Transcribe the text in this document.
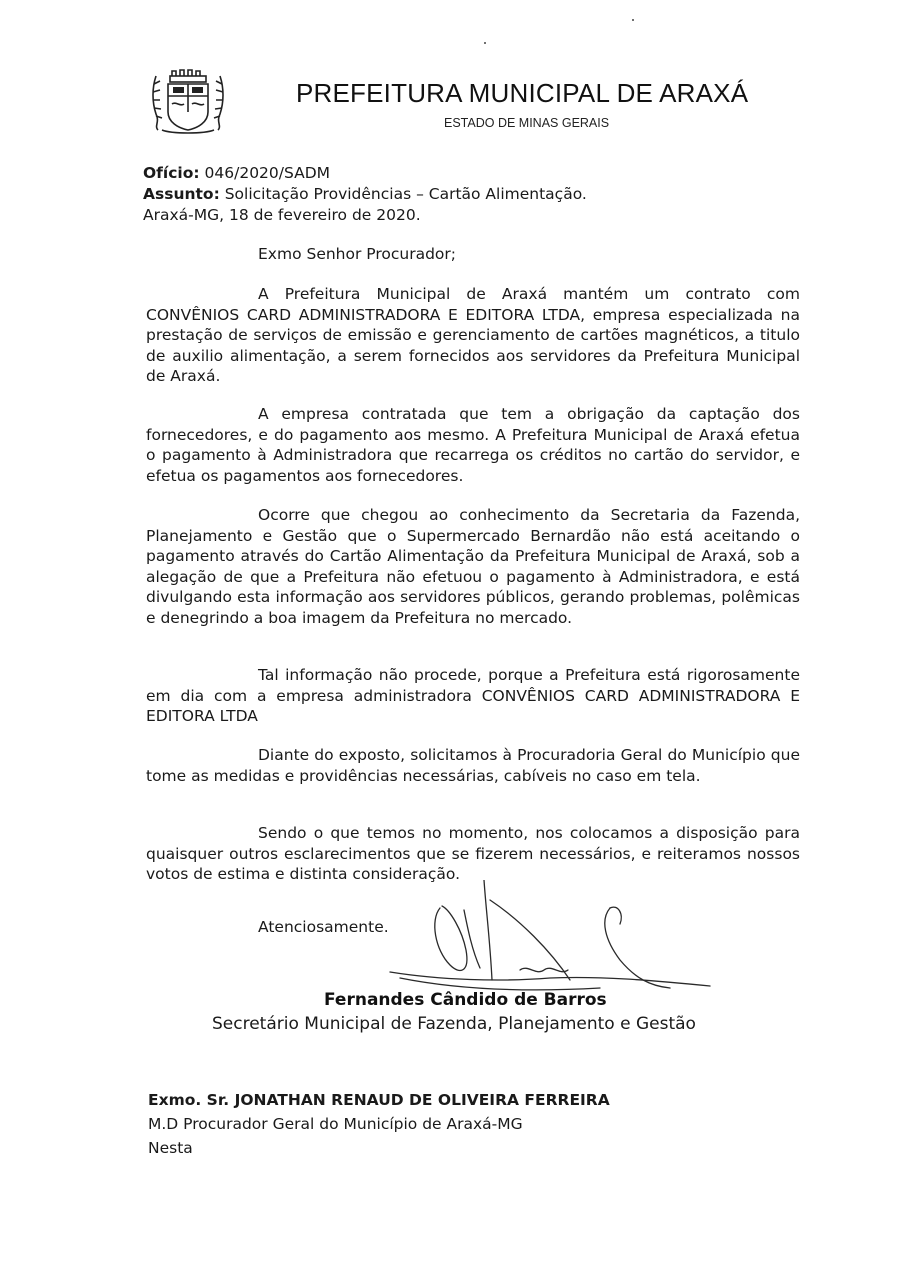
PREFEITURA MUNICIPAL DE ARAXÁ
ESTADO DE MINAS GERAIS
Ofício: 046/2020/SADM
Assunto: Solicitação Providências – Cartão Alimentação.
Araxá-MG, 18 de fevereiro de 2020.
Exmo Senhor Procurador;

A Prefeitura Municipal de Araxá mantém um contrato com CONVÊNIOS CARD ADMINISTRADORA E EDITORA LTDA, empresa especializada na prestação de serviços de emissão e gerenciamento de cartões magnéticos, a titulo de auxilio alimentação, a serem fornecidos aos servidores da Prefeitura Municipal de Araxá.

A empresa contratada que tem a obrigação da captação dos fornecedores, e do pagamento aos mesmo. A Prefeitura Municipal de Araxá efetua o pagamento à Administradora que recarrega os créditos no cartão do servidor, e efetua os pagamentos aos fornecedores.

Ocorre que chegou ao conhecimento da Secretaria da Fazenda, Planejamento e Gestão que o Supermercado Bernardão não está aceitando o pagamento através do Cartão Alimentação da Prefeitura Municipal de Araxá, sob a alegação de que a Prefeitura não efetuou o pagamento à Administradora, e está divulgando esta informação aos servidores públicos, gerando problemas, polêmicas e denegrindo a boa imagem da Prefeitura no mercado.

Tal informação não procede, porque a Prefeitura está rigorosamente em dia com a empresa administradora CONVÊNIOS CARD ADMINISTRADORA E EDITORA LTDA

Diante do exposto, solicitamos à Procuradoria Geral do Município que tome as medidas e providências necessárias, cabíveis no caso em tela.

Sendo o que temos no momento, nos colocamos a disposição para quaisquer outros esclarecimentos que se fizerem necessários, e reiteramos nossos votos de estima e distinta consideração.

Atenciosamente.
Fernandes Cândido de Barros
Secretário Municipal de Fazenda, Planejamento e Gestão
Exmo. Sr. JONATHAN RENAUD DE OLIVEIRA FERREIRA
M.D Procurador Geral do Município de Araxá-MG
Nesta
